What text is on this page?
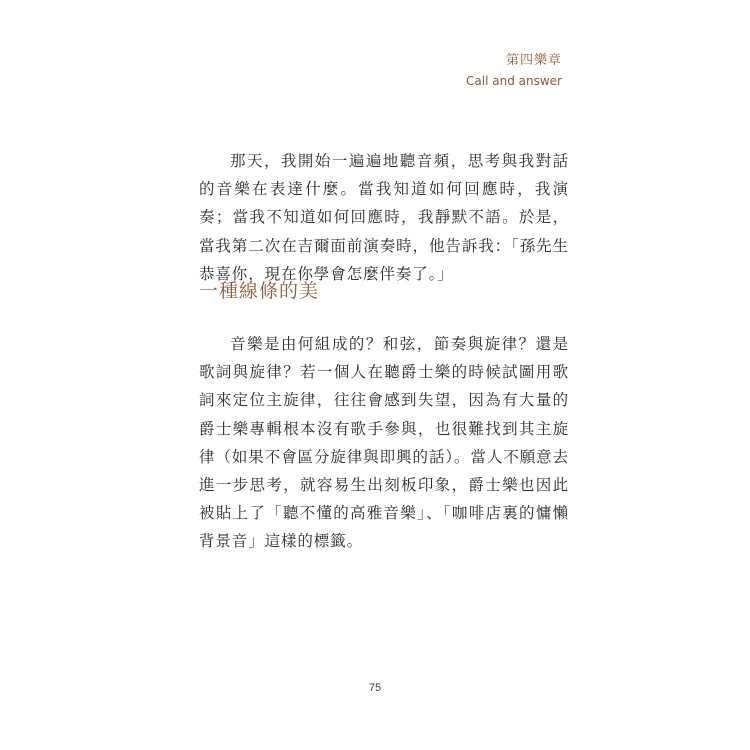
第四樂章
Call and answer

那天，我開始一遍遍地聽音頻，思考與我對話的音樂在表達什麼。當我知道如何回應時，我演奏；當我不知道如何回應時，我靜默不語。於是，當我第二次在吉爾面前演奏時，他告訴我：「孫先生恭喜你，現在你學會怎麼伴奏了。」

一種線條的美

音樂是由何組成的？和弦，節奏與旋律？還是歌詞與旋律？若一個人在聽爵士樂的時候試圖用歌詞來定位主旋律，往往會感到失望，因為有大量的爵士樂專輯根本沒有歌手參與，也很難找到其主旋律（如果不會區分旋律與即興的話）。當人不願意去進一步思考，就容易生出刻板印象，爵士樂也因此被貼上了「聽不懂的高雅音樂」、「咖啡店裏的慵懶背景音」這樣的標籤。

75
